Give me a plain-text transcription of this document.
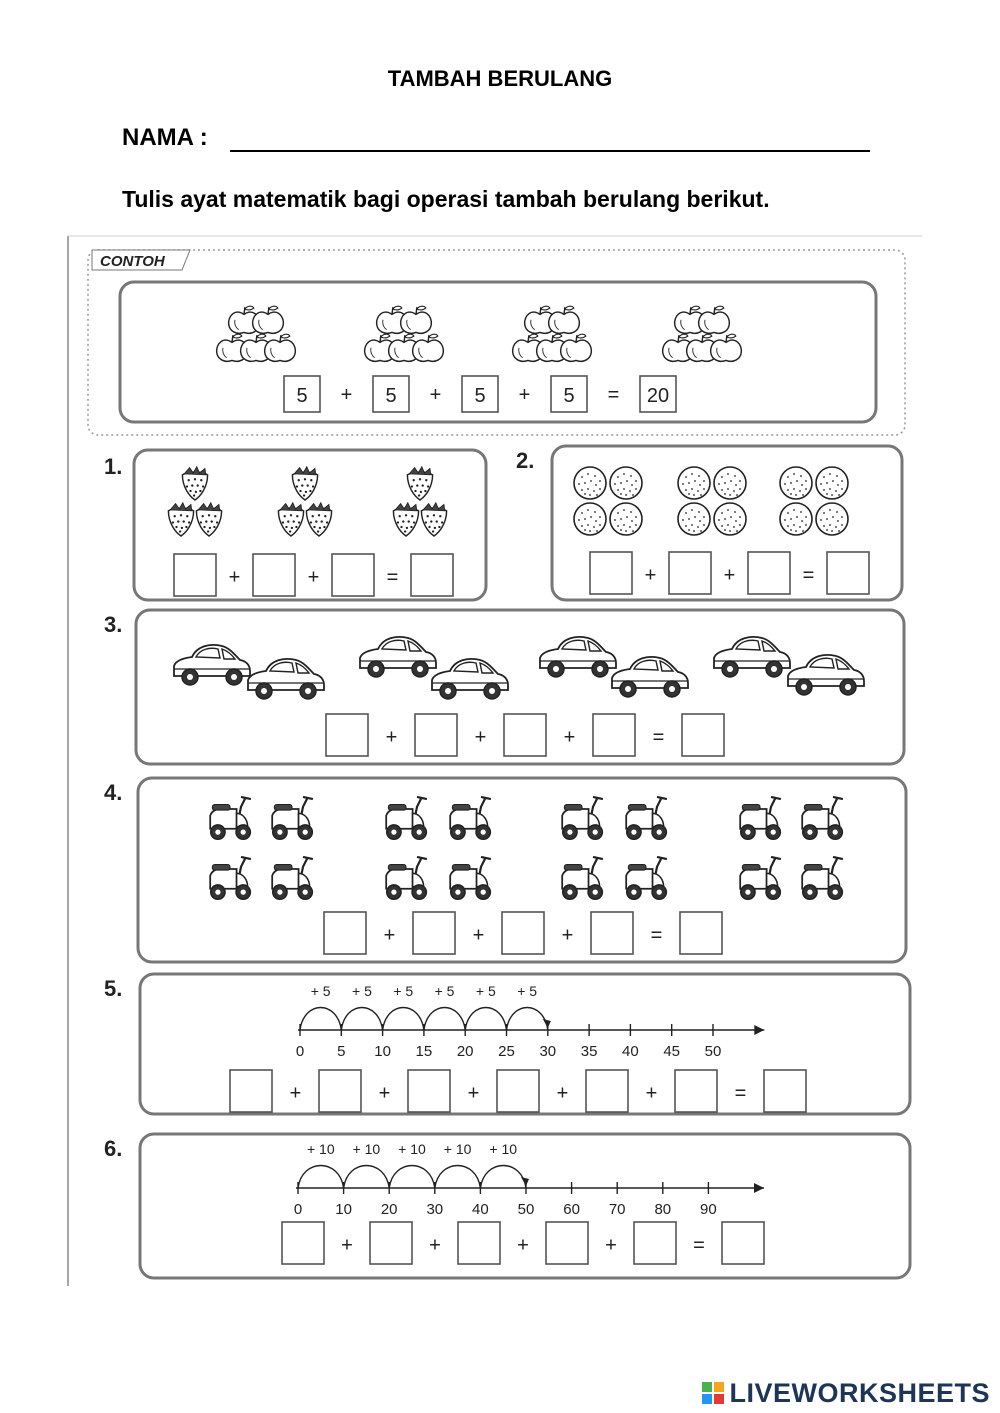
TAMBAH BERULANG
NAMA :
Tulis ayat matematik bagi operasi tambah berulang berikut.
CONTOH
5 + 5 + 5 + 5 = 20
1.
+	+	=
2.
+	+	=
3.
+	+	+	=
4.
+	+	+	=
5.
0 5 10 15 20 25 30 35 40 45 50
+ 5 + 5 + 5 + 5 + 5 + 5
+	+	+	+	+	=
6.
0 10 20 30 40 50 60 70 80 90
+ 10 + 10 + 10 + 10 + 10
+	+	+	+	=
LIVEWORKSHEETS
